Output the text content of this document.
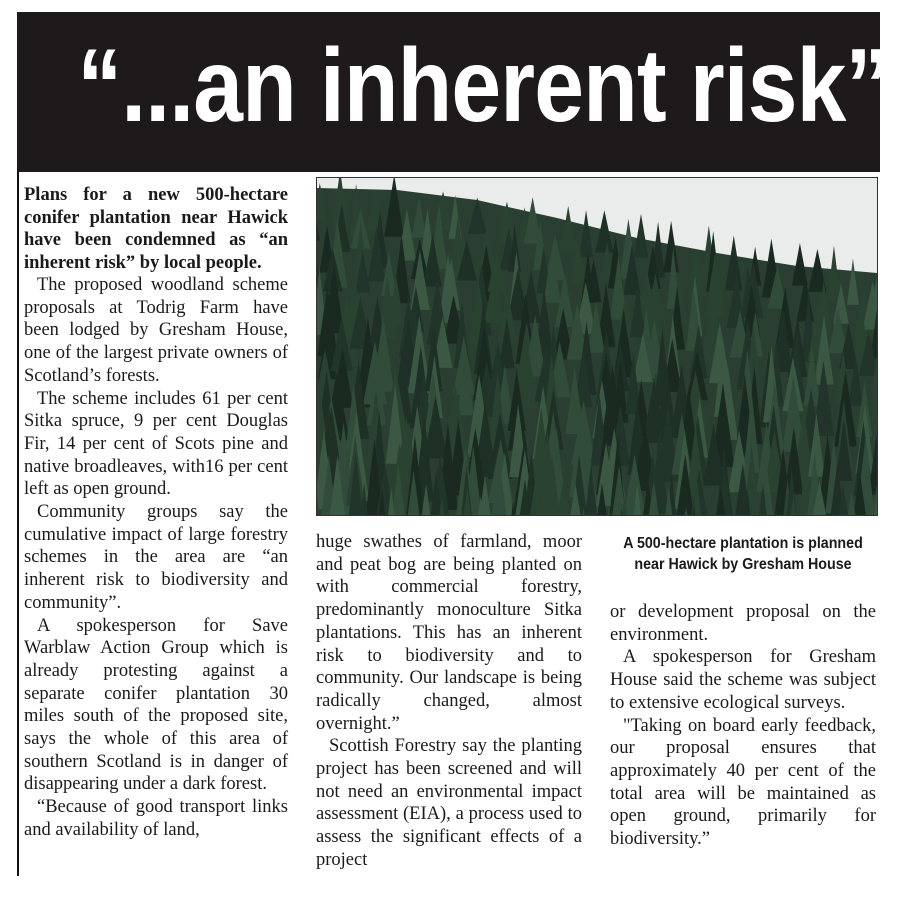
“...an inherent risk”

Plans for a new 500-hectare conifer plantation near Hawick have been condemned as “an inherent risk” by local people.

The proposed woodland scheme proposals at Todrig Farm have been lodged by Gresham House, one of the largest private owners of Scotland’s forests.

The scheme includes 61 per cent Sitka spruce, 9 per cent Douglas Fir, 14 per cent of Scots pine and native broadleaves, with16 per cent left as open ground.

Community groups say the cumulative impact of large forestry schemes in the area are “an inherent risk to biodiversity and community”.

A spokesperson for Save Warblaw Action Group which is already protesting against a separate conifer plantation 30 miles south of the proposed site, says the whole of this area of southern Scotland is in danger of disappearing under a dark forest.

“Because of good transport links and availability of land,

A 500-hectare plantation is planned near Hawick by Gresham House

huge swathes of farmland, moor and peat bog are being planted on with commercial forestry, predominantly monoculture Sitka plantations. This has an inherent risk to biodiversity and to community. Our landscape is being radically changed, almost overnight.”

Scottish Forestry say the planting project has been screened and will not need an environmental impact assessment (EIA), a process used to assess the significant effects of a project

or development proposal on the environment.

A spokesperson for Gresham House said the scheme was subject to extensive ecological surveys.

"Taking on board early feedback, our proposal ensures that approximately 40 per cent of the total area will be maintained as open ground, primarily for biodiversity.”
